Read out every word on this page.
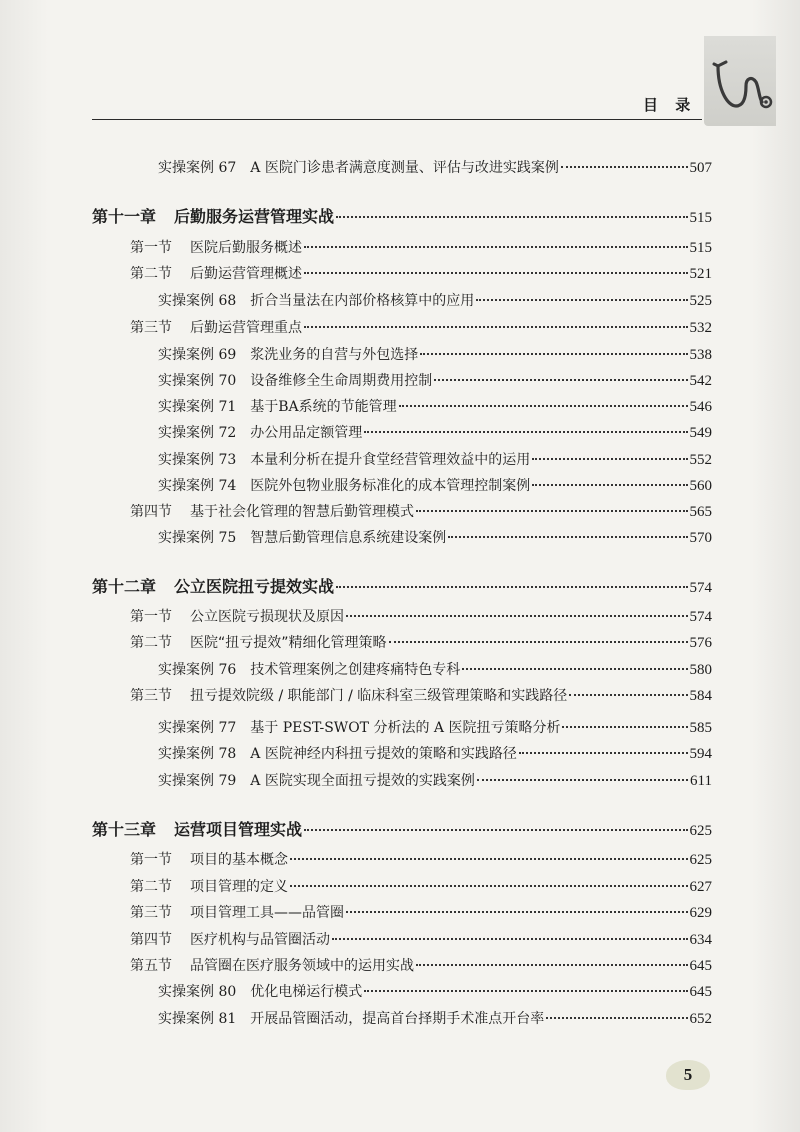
目 录
实操案例 67 A 医院门诊患者满意度测量、评估与改进实践案例	507
第十一章 后勤服务运营管理实战	515
第一节 医院后勤服务概述	515
第二节 后勤运营管理概述	521
实操案例 68 折合当量法在内部价格核算中的应用	525
第三节 后勤运营管理重点	532
实操案例 69 浆洗业务的自营与外包选择	538
实操案例 70 设备维修全生命周期费用控制	542
实操案例 71 基于BA系统的节能管理	546
实操案例 72 办公用品定额管理	549
实操案例 73 本量利分析在提升食堂经营管理效益中的运用	552
实操案例 74 医院外包物业服务标准化的成本管理控制案例	560
第四节 基于社会化管理的智慧后勤管理模式	565
实操案例 75 智慧后勤管理信息系统建设案例	570
第十二章 公立医院扭亏提效实战	574
第一节 公立医院亏损现状及原因	574
第二节 医院“扭亏提效”精细化管理策略	576
实操案例 76 技术管理案例之创建疼痛特色专科	580
第三节 扭亏提效院级 / 职能部门 / 临床科室三级管理策略和实践路径	584
实操案例 77 基于 PEST-SWOT 分析法的 A 医院扭亏策略分析	585
实操案例 78 A 医院神经内科扭亏提效的策略和实践路径	594
实操案例 79 A 医院实现全面扭亏提效的实践案例	611
第十三章 运营项目管理实战	625
第一节 项目的基本概念	625
第二节 项目管理的定义	627
第三节 项目管理工具——品管圈	629
第四节 医疗机构与品管圈活动	634
第五节 品管圈在医疗服务领域中的运用实战	645
实操案例 80 优化电梯运行模式	645
实操案例 81 开展品管圈活动，提高首台择期手术准点开台率	652
5
